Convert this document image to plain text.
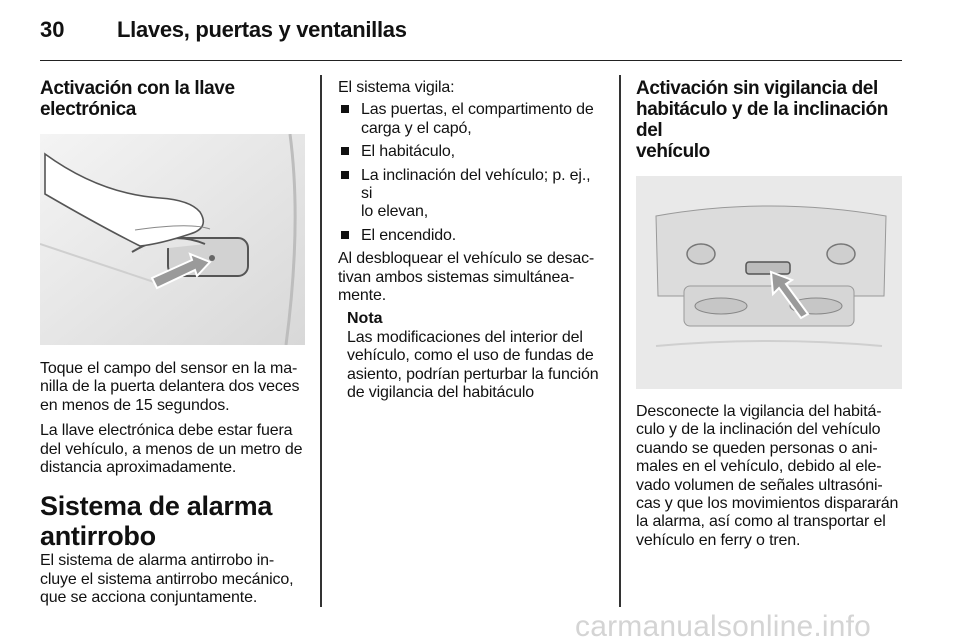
30 Llaves, puertas y ventanillas
Activación con la llave electrónica
Toque el campo del sensor en la ma-
nilla de la puerta delantera dos veces
en menos de 15 segundos.
La llave electrónica debe estar fuera
del vehículo, a menos de un metro de
distancia aproximadamente.
Sistema de alarma
antirrobo
El sistema de alarma antirrobo in-
cluye el sistema antirrobo mecánico,
que se acciona conjuntamente.
El sistema vigila:
Las puertas, el compartimento de
carga y el capó,
El habitáculo,
La inclinación del vehículo; p. ej., si
lo elevan,
El encendido.
Al desbloquear el vehículo se desac-
tivan ambos sistemas simultánea-
mente.
Nota
Las modificaciones del interior del
vehículo, como el uso de fundas de
asiento, podrían perturbar la función
de vigilancia del habitáculo
Activación sin vigilancia del
habitáculo y de la inclinación del
vehículo
Desconecte la vigilancia del habitá-
culo y de la inclinación del vehículo
cuando se queden personas o ani-
males en el vehículo, debido al ele-
vado volumen de señales ultrasóni-
cas y que los movimientos dispararán
la alarma, así como al transportar el
vehículo en ferry o tren.
carmanualsonline.info
